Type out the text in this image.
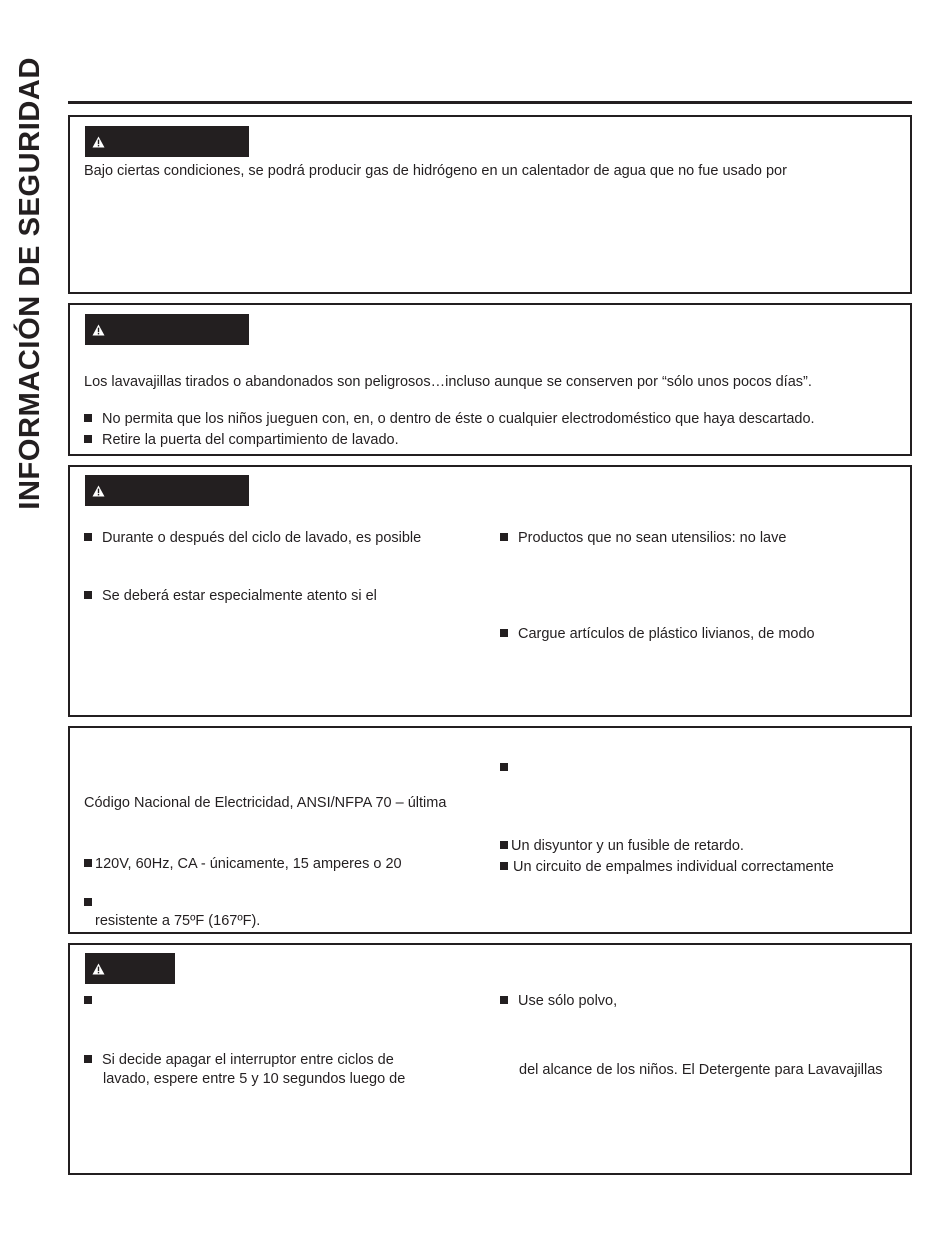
INFORMACIÓN DE SEGURIDAD	Bajo ciertas condiciones, se podrá producir gas de hidrógeno en un calentador de agua que no fue usado por
Los lavavajillas tirados o abandonados son peligrosos…incluso aunque se conserven por “sólo unos pocos días”.
No permita que los niños jueguen con, en, o dentro de éste o cualquier electrodoméstico que haya descartado.
Retire la puerta del compartimiento de lavado.
Durante o después del ciclo de lavado, es posible
Se deberá estar especialmente atento si el
Productos que no sean utensilios: no lave
Cargue artículos de plástico livianos, de modo
Código Nacional de Electricidad, ANSI/NFPA 70 – última
Un disyuntor y un fusible de retardo.
Un circuito de empalmes individual correctamente
120V, 60Hz, CA - únicamente, 15 amperes o 20
resistente a 75ºF (167ºF).
Use sólo polvo,
Si decide apagar el interruptor entre ciclos de
lavado, espere entre 5 y 10 segundos luego de
del alcance de los niños. El Detergente para Lavavajillas
